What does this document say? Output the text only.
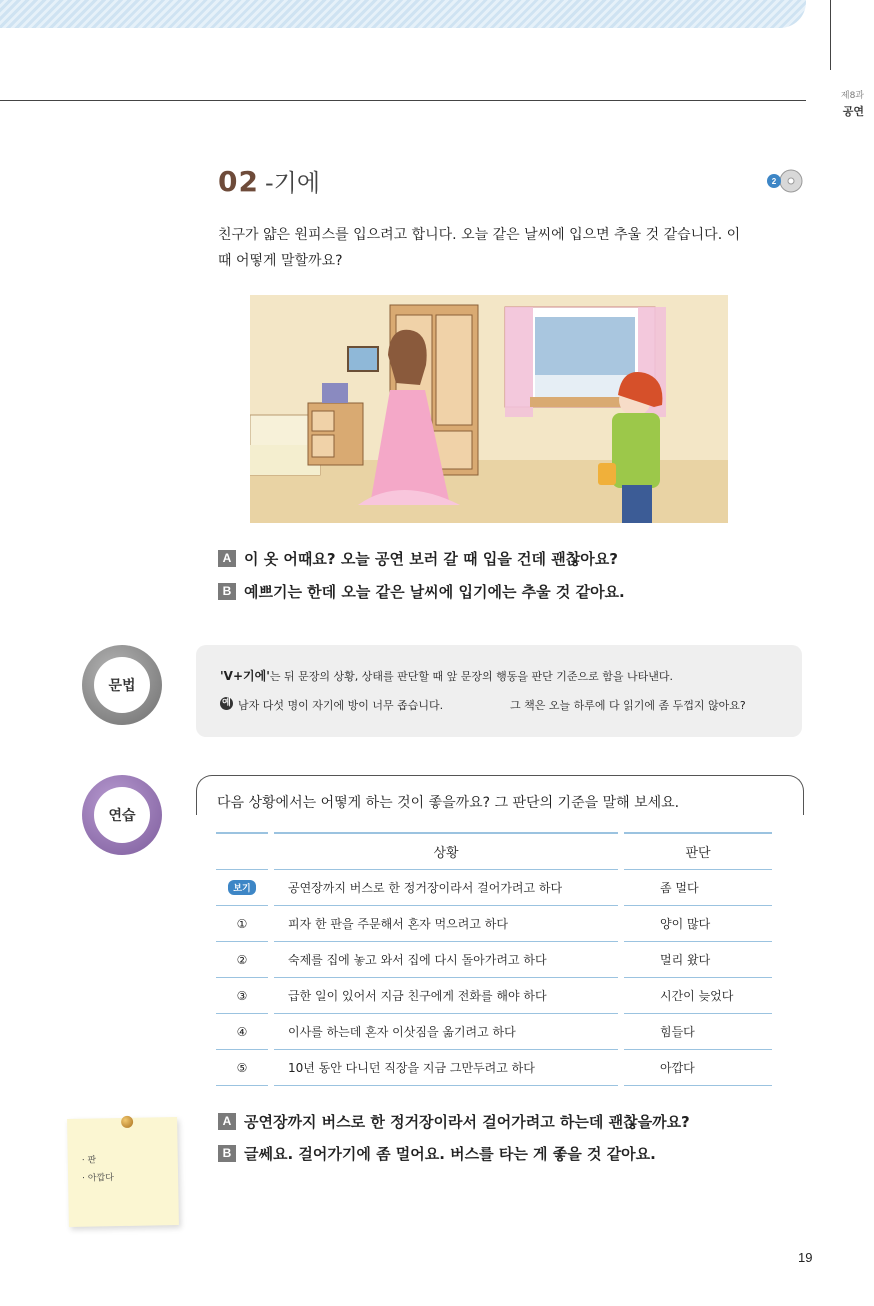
제8과
공연
02 -기에	2
친구가 얇은 원피스를 입으려고 합니다. 오늘 같은 날씨에 입으면 추울 것 같습니다. 이
때 어떻게 말할까요?
A 이 옷 어때요? 오늘 공연 보러 갈 때 입을 건데 괜찮아요?
B 예쁘기는 한데 오늘 같은 날씨에 입기에는 추울 것 같아요.
문법
'V+기에'는 뒤 문장의 상황, 상태를 판단할 때 앞 문장의 행동을 판단 기준으로 함을 나타낸다.
예 남자 다섯 명이 자기에 방이 너무 좁습니다.	그 책은 오늘 하루에 다 읽기에 좀 두껍지 않아요?
연습
다음 상황에서는 어떻게 하는 것이 좋을까요? 그 판단의 기준을 말해 보세요.
	상황	판단
보기	공연장까지 버스로 한 정거장이라서 걸어가려고 하다	좀 멀다
①	피자 한 판을 주문해서 혼자 먹으려고 하다	양이 많다
②	숙제를 집에 놓고 와서 집에 다시 돌아가려고 하다	멀리 왔다
③	급한 일이 있어서 지금 친구에게 전화를 해야 하다	시간이 늦었다
④	이사를 하는데 혼자 이삿짐을 옮기려고 하다	힘들다
⑤	10년 동안 다니던 직장을 지금 그만두려고 하다	아깝다
A 공연장까지 버스로 한 정거장이라서 걸어가려고 하는데 괜찮을까요?
B 글쎄요. 걸어가기에 좀 멀어요. 버스를 타는 게 좋을 것 같아요.
· 판
· 아깝다
19
